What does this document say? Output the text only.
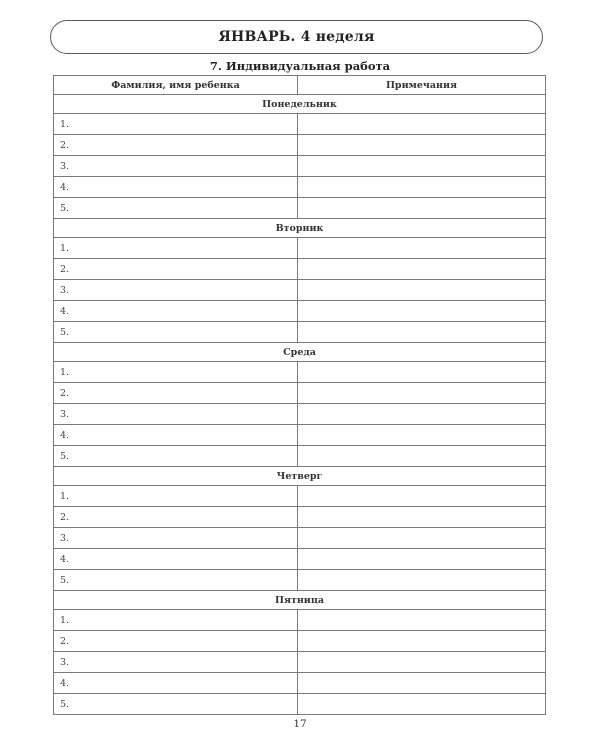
ЯНВАРЬ. 4 неделя
7. Индивидуальная работа
Фамилия, имя ребенка	Примечания
Понедельник	
1.	
2.	
3.	
4.	
5.	
Вторник	
1.	
2.	
3.	
4.	
5.	
Среда	
1.	
2.	
3.	
4.	
5.	
Четверг	
1.	
2.	
3.	
4.	
5.	
Пятница	
1.	
2.	
3.	
4.	
5.	
17
